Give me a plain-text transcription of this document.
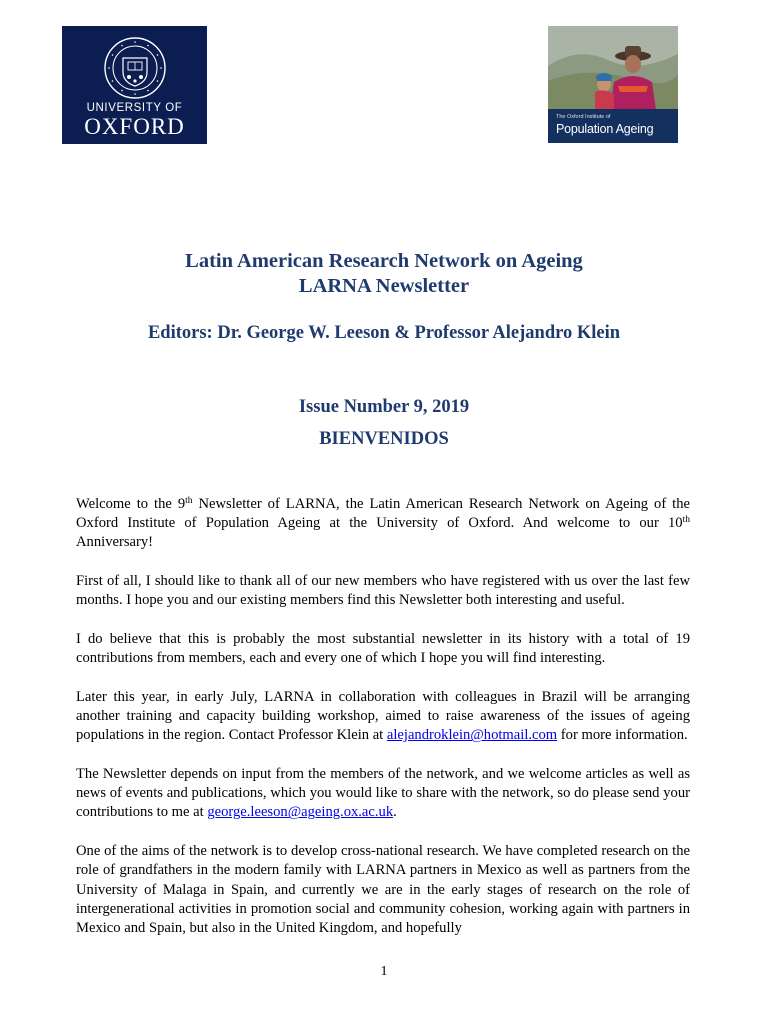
UNIVERSITY OF
OXFORD	The Oxford Institute of
Population Ageing
Latin American Research Network on Ageing
LARNA Newsletter
Editors: Dr. George W. Leeson & Professor Alejandro Klein
Issue Number 9, 2019
BIENVENIDOS

Welcome to the 9th Newsletter of LARNA, the Latin American Research Network on Ageing of the Oxford Institute of Population Ageing at the University of Oxford. And welcome to our 10th Anniversary!

First of all, I should like to thank all of our new members who have registered with us over the last few months. I hope you and our existing members find this Newsletter both interesting and useful.

I do believe that this is probably the most substantial newsletter in its history with a total of 19 contributions from members, each and every one of which I hope you will find interesting.

Later this year, in early July, LARNA in collaboration with colleagues in Brazil will be arranging another training and capacity building workshop, aimed to raise awareness of the issues of ageing populations in the region. Contact Professor Klein at alejandroklein@hotmail.com for more information.

The Newsletter depends on input from the members of the network, and we welcome articles as well as news of events and publications, which you would like to share with the network, so do please send your contributions to me at george.leeson@ageing.ox.ac.uk.

One of the aims of the network is to develop cross-national research. We have completed research on the role of grandfathers in the modern family with LARNA partners in Mexico as well as partners from the University of Malaga in Spain, and currently we are in the early stages of research on the role of intergenerational activities in promotion social and community cohesion, working again with partners in Mexico and Spain, but also in the United Kingdom, and hopefully

1
